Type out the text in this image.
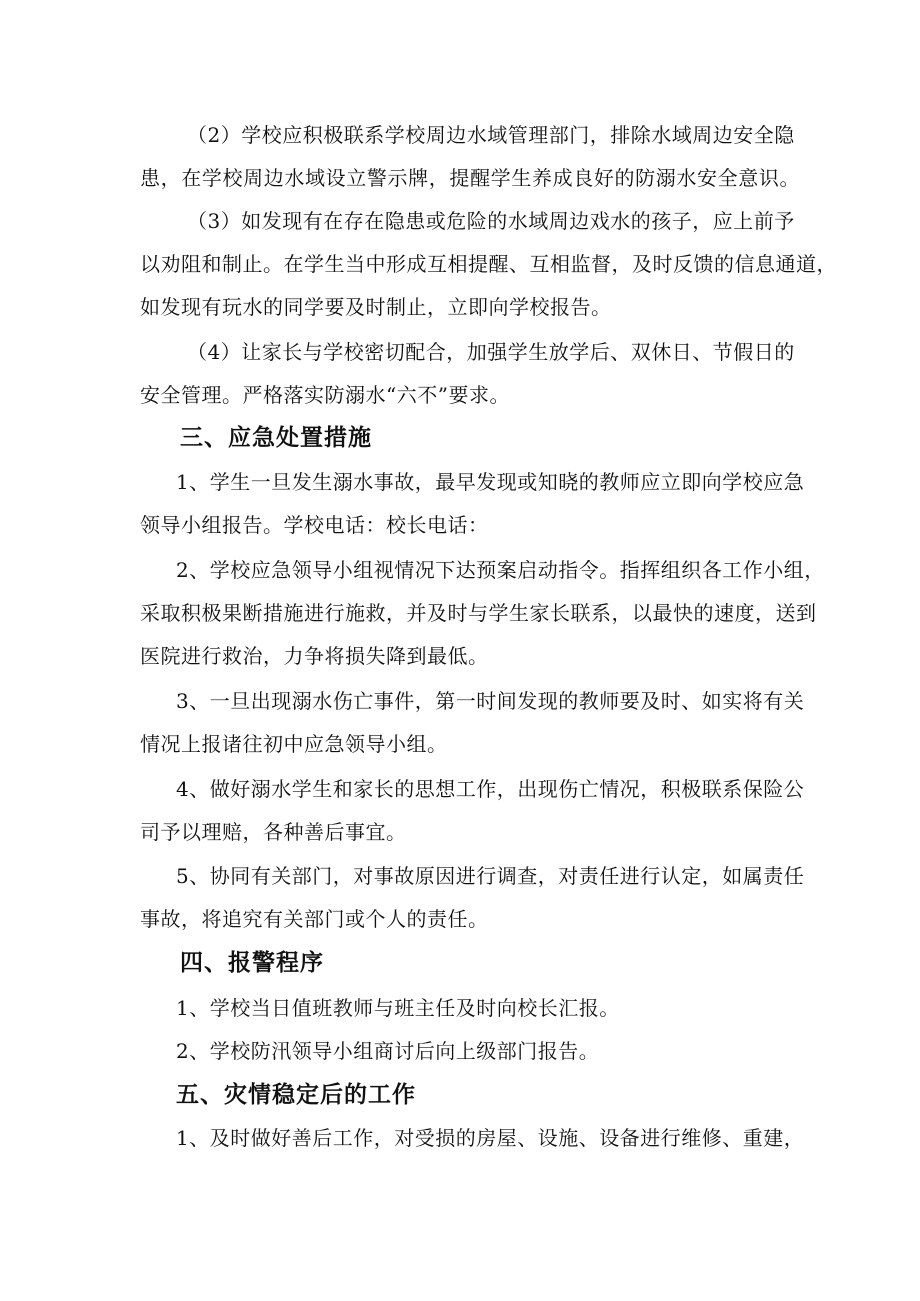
（2）学校应积极联系学校周边水域管理部门，排除水域周边安全隐
患，在学校周边水域设立警示牌，提醒学生养成良好的防溺水安全意识。
（3）如发现有在存在隐患或危险的水域周边戏水的孩子，应上前予
以劝阻和制止。在学生当中形成互相提醒、互相监督，及时反馈的信息通道，
如发现有玩水的同学要及时制止，立即向学校报告。
（4）让家长与学校密切配合，加强学生放学后、双休日、节假日的
安全管理。严格落实防溺水“六不”要求。
三、应急处置措施
1、学生一旦发生溺水事故，最早发现或知晓的教师应立即向学校应急
领导小组报告。学校电话：校长电话：
2、学校应急领导小组视情况下达预案启动指令。指挥组织各工作小组，
采取积极果断措施进行施救，并及时与学生家长联系，以最快的速度，送到
医院进行救治，力争将损失降到最低。
3、一旦出现溺水伤亡事件，第一时间发现的教师要及时、如实将有关
情况上报诸往初中应急领导小组。
4、做好溺水学生和家长的思想工作，出现伤亡情况，积极联系保险公
司予以理赔，各种善后事宜。
5、协同有关部门，对事故原因进行调查，对责任进行认定，如属责任
事故，将追究有关部门或个人的责任。
四、报警程序
1、学校当日值班教师与班主任及时向校长汇报。
2、学校防汛领导小组商讨后向上级部门报告。
五、灾情稳定后的工作
1、及时做好善后工作，对受损的房屋、设施、设备进行维修、重建，
